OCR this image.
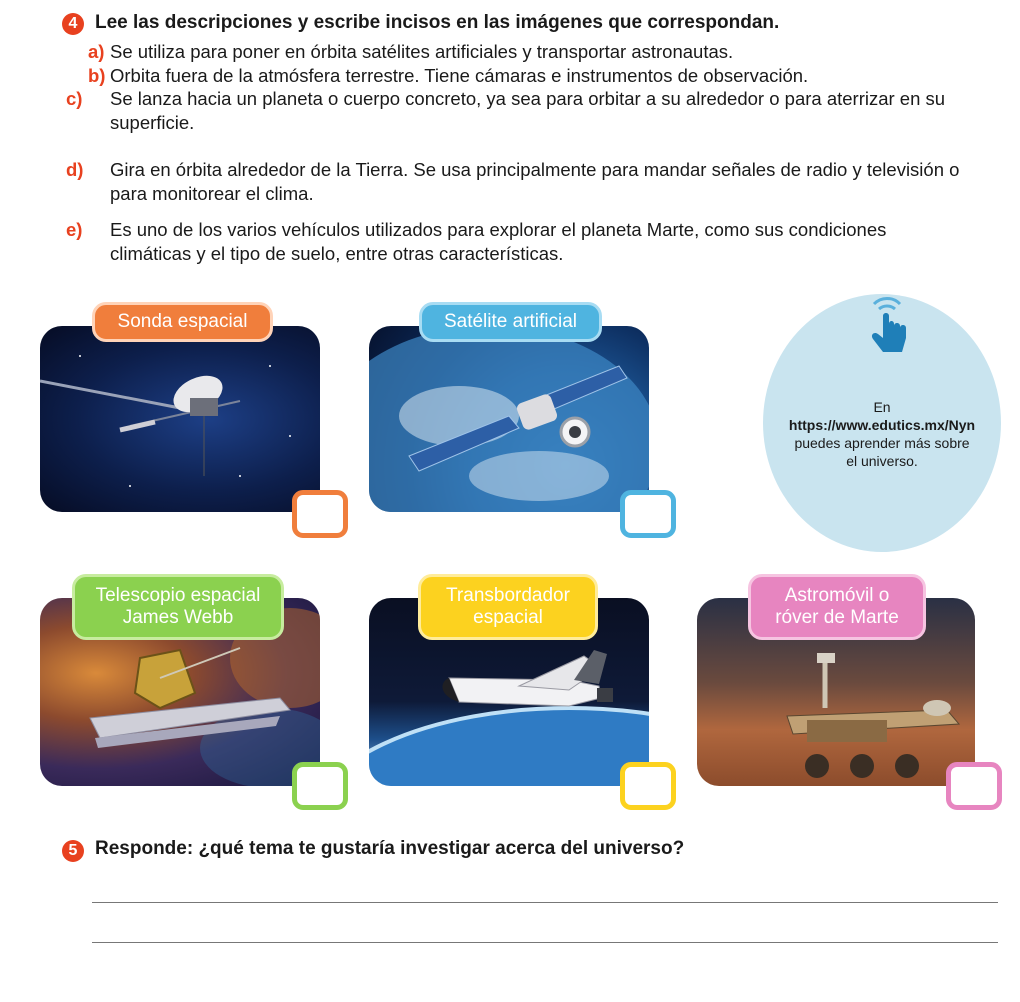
4 Lee las descripciones y escribe incisos en las imágenes que correspondan.
a) Se utiliza para poner en órbita satélites artificiales y transportar astronautas.
b) Orbita fuera de la atmósfera terrestre. Tiene cámaras e instrumentos de observación.
c) Se lanza hacia un planeta o cuerpo concreto, ya sea para orbitar a su alrededor o para aterrizar en su superficie.
d) Gira en órbita alrededor de la Tierra. Se usa principalmente para mandar señales de radio y televisión o para monitorear el clima.
e) Es uno de los varios vehículos utilizados para explorar el planeta Marte, como sus condiciones climáticas y el tipo de suelo, entre otras características.
Sonda espacial	Satélite artificial
En
https://www.edutics.mx/Nyn
puedes aprender más sobre
el universo.
Telescopio espacial
James Webb
Transbordador
espacial
Astromóvil o
róver de Marte
5 Responde: ¿qué tema te gustaría investigar acerca del universo?
